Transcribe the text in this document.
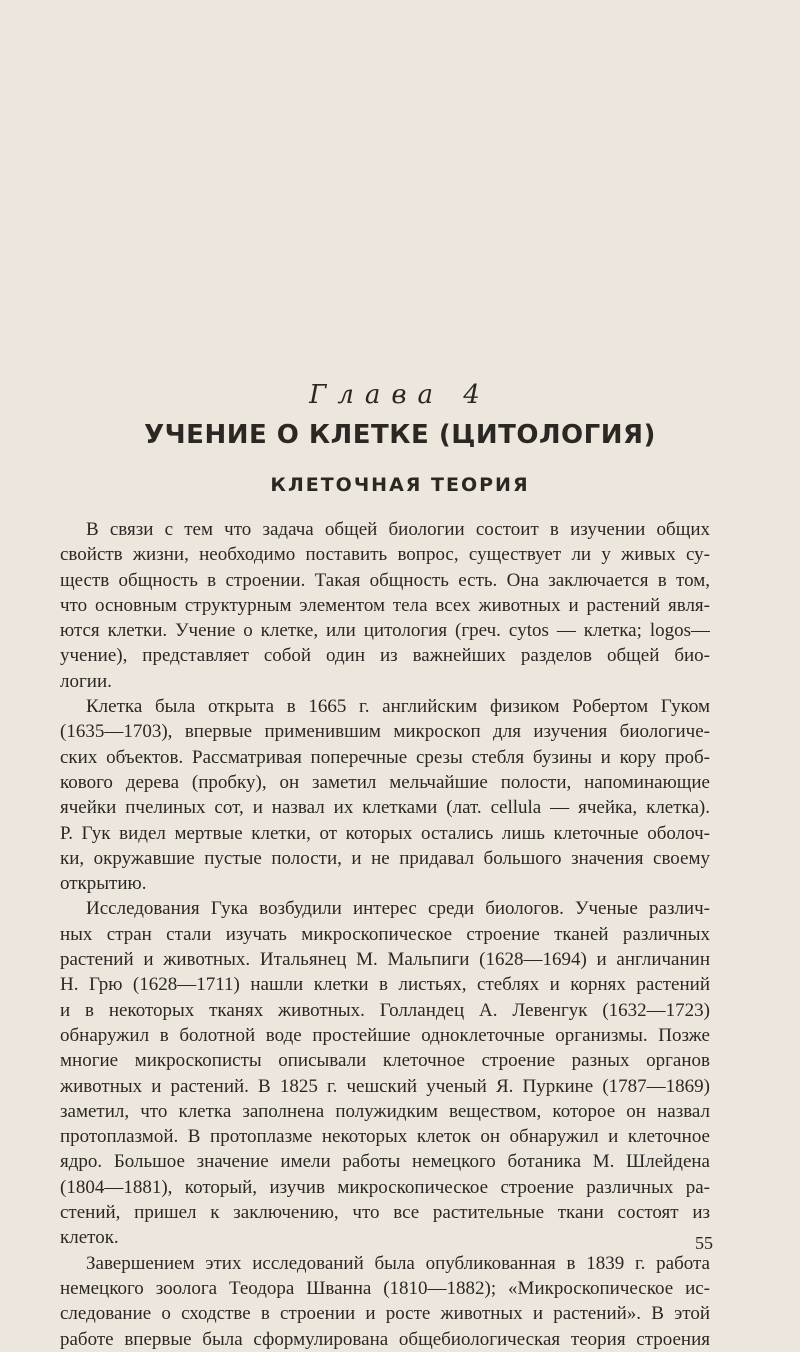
Глава 4
УЧЕНИЕ О КЛЕТКЕ (ЦИТОЛОГИЯ)
КЛЕТОЧНАЯ ТЕОРИЯ
В связи с тем что задача общей биологии состоит в изучении общих
свойств жизни, необходимо поставить вопрос, существует ли у живых су-
ществ общность в строении. Такая общность есть. Она заключается в том,
что основным структурным элементом тела всех животных и растений явля-
ются клетки. Учение о клетке, или цитология (греч. cytos — клетка; logos—
учение), представляет собой один из важнейших разделов общей био-
логии.
Клетка была открыта в 1665 г. английским физиком Робертом Гуком
(1635—1703), впервые применившим микроскоп для изучения биологиче-
ских объектов. Рассматривая поперечные срезы стебля бузины и кору проб-
кового дерева (пробку), он заметил мельчайшие полости, напоминающие
ячейки пчелиных сот, и назвал их клетками (лат. cellula — ячейка, клетка).
Р. Гук видел мертвые клетки, от которых остались лишь клеточные оболоч-
ки, окружавшие пустые полости, и не придавал большого значения своему
открытию.
Исследования Гука возбудили интерес среди биологов. Ученые различ-
ных стран стали изучать микроскопическое строение тканей различных
растений и животных. Итальянец М. Мальпиги (1628—1694) и англичанин
Н. Грю (1628—1711) нашли клетки в листьях, стеблях и корнях растений
и в некоторых тканях животных. Голландец А. Левенгук (1632—1723)
обнаружил в болотной воде простейшие одноклеточные организмы. Позже
многие микроскописты описывали клеточное строение разных органов
животных и растений. В 1825 г. чешский ученый Я. Пуркине (1787—1869)
заметил, что клетка заполнена полужидким веществом, которое он назвал
протоплазмой. В протоплазме некоторых клеток он обнаружил и клеточное
ядро. Большое значение имели работы немецкого ботаника М. Шлейдена
(1804—1881), который, изучив микроскопическое строение различных ра-
стений, пришел к заключению, что все растительные ткани состоят из
клеток.
Завершением этих исследований была опубликованная в 1839 г. работа
немецкого зоолога Теодора Шванна (1810—1882); «Микроскопическое ис-
следование о сходстве в строении и росте животных и растений». В этой
работе впервые была сформулирована общебиологическая теория строения
55
